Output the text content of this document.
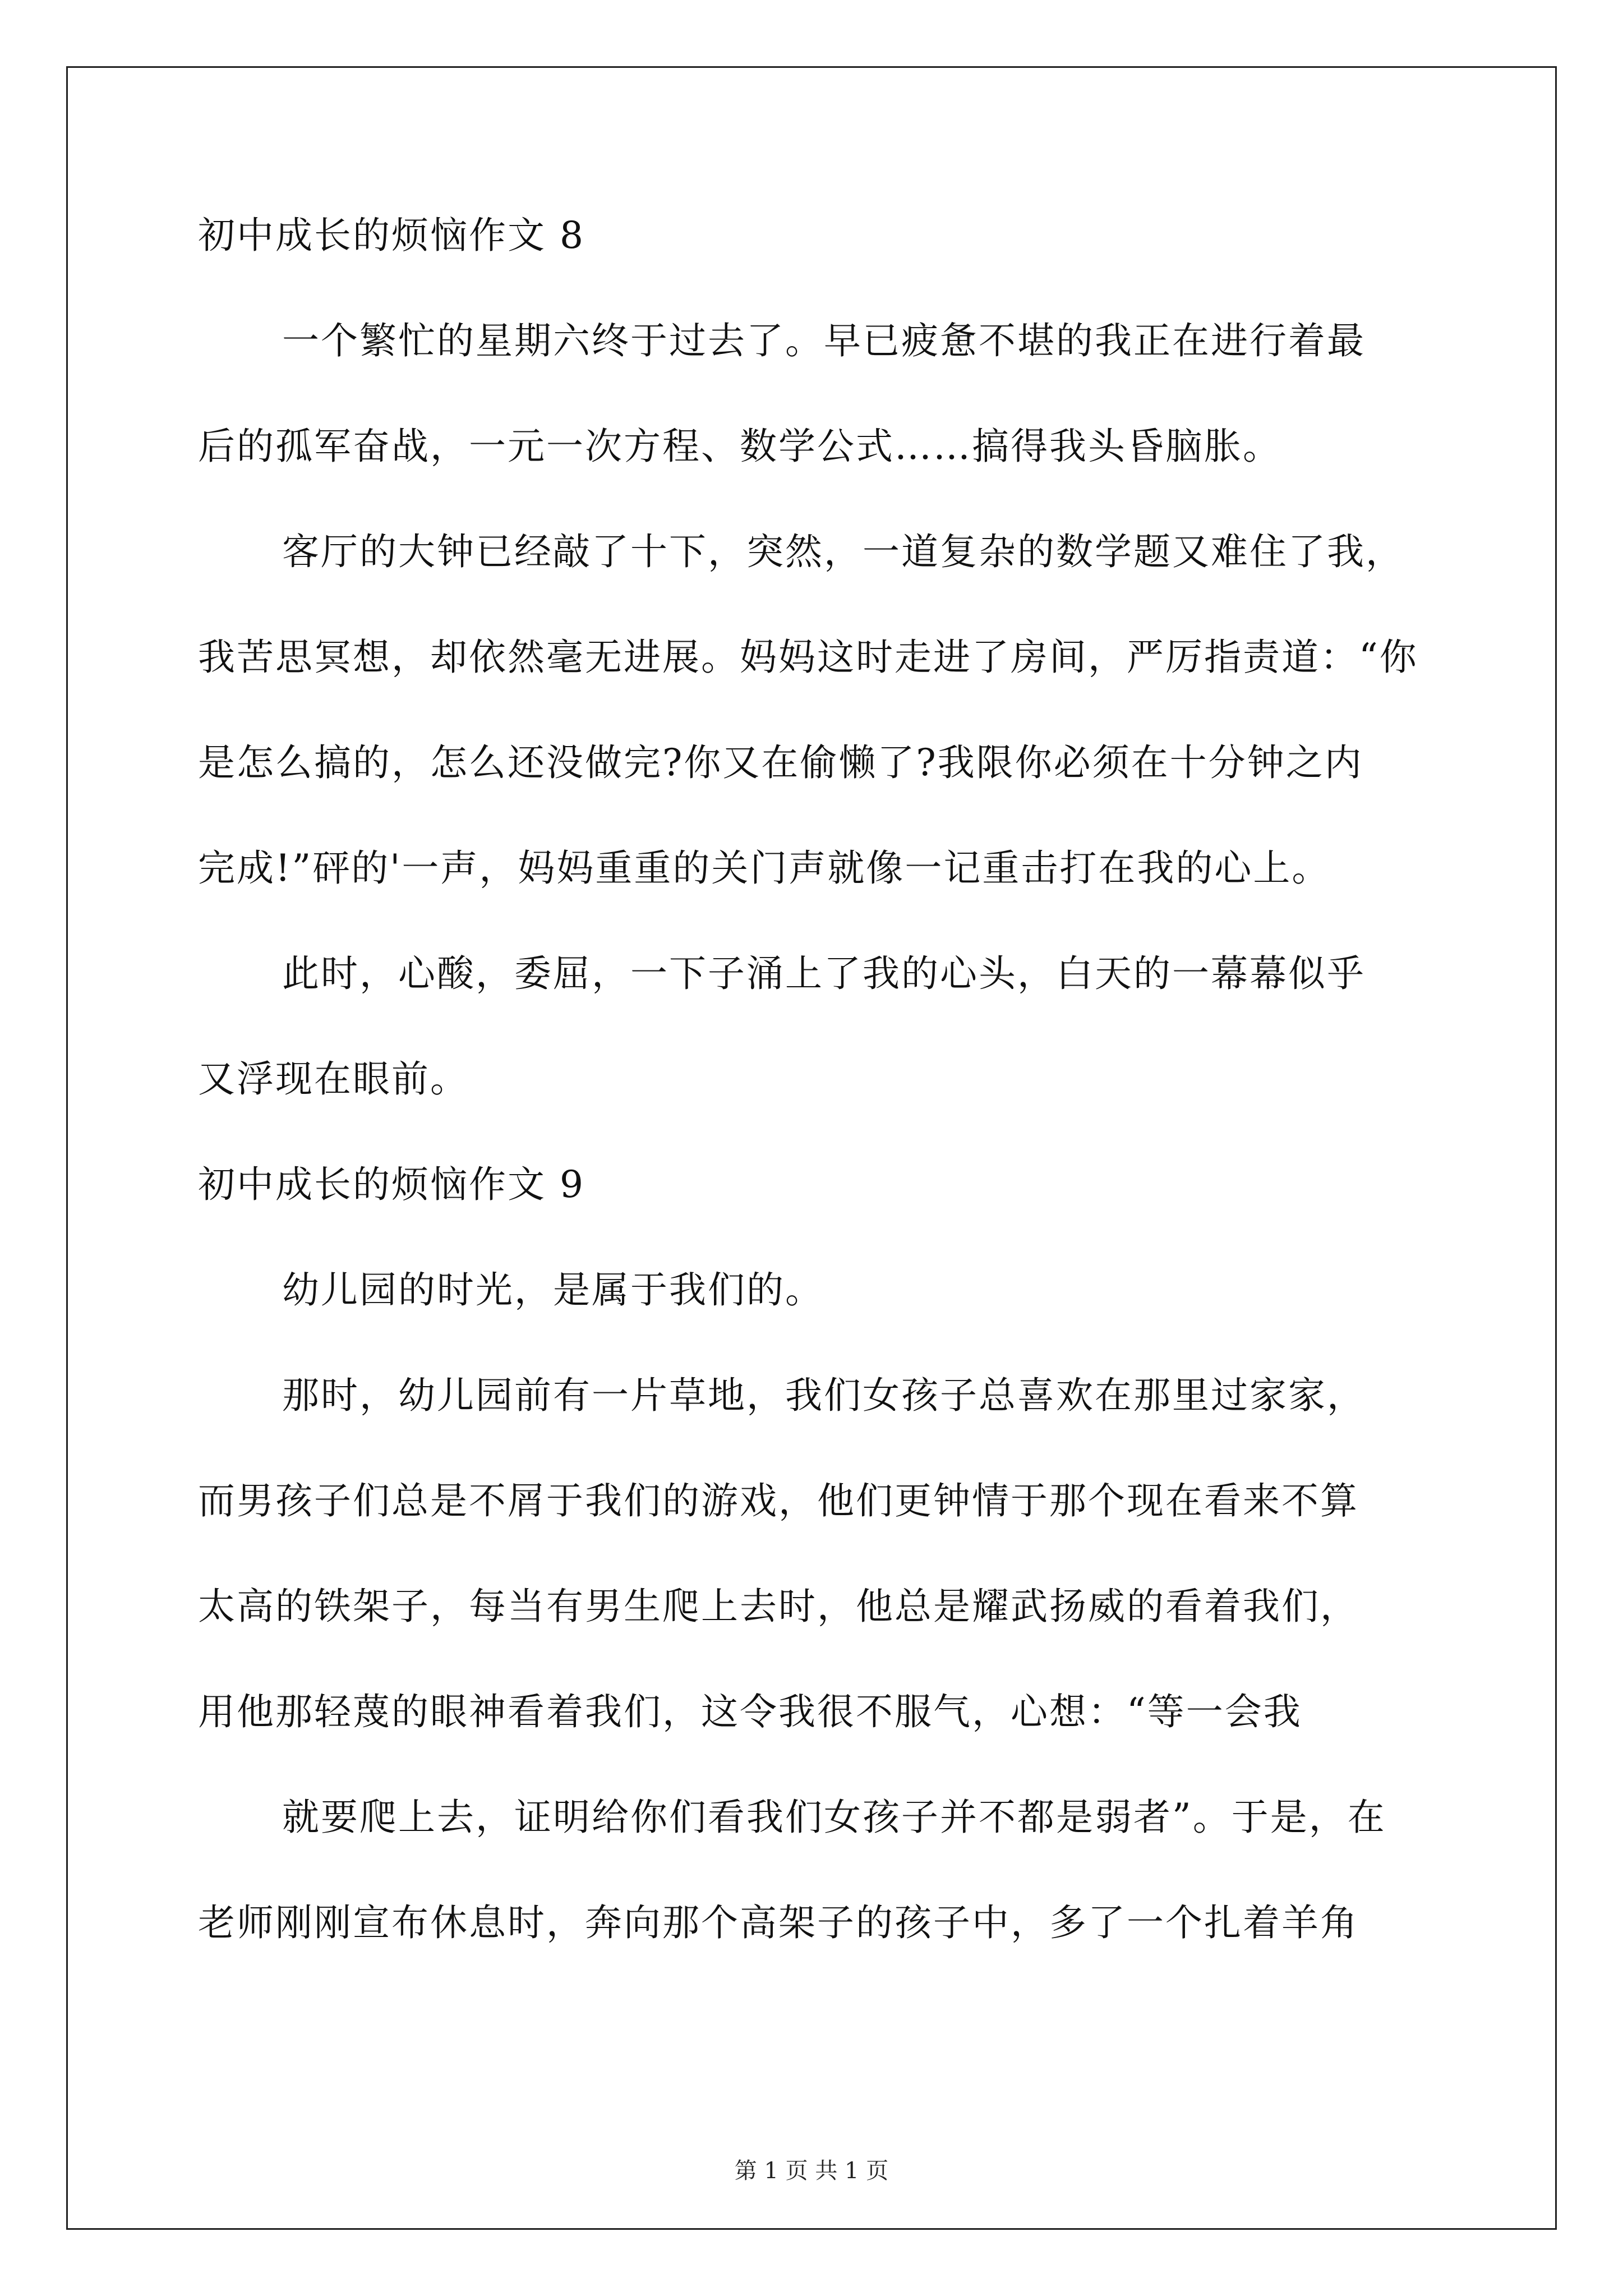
初中成长的烦恼作文 8
一个繁忙的星期六终于过去了。早已疲惫不堪的我正在进行着最
后的孤军奋战，一元一次方程、数学公式……搞得我头昏脑胀。
客厅的大钟已经敲了十下，突然，一道复杂的数学题又难住了我，
我苦思冥想，却依然毫无进展。妈妈这时走进了房间，严厉指责道：“你
是怎么搞的，怎么还没做完?你又在偷懒了?我限你必须在十分钟之内
完成!”砰的'一声，妈妈重重的关门声就像一记重击打在我的心上。
此时，心酸，委屈，一下子涌上了我的心头，白天的一幕幕似乎
又浮现在眼前。
初中成长的烦恼作文 9
幼儿园的时光，是属于我们的。
那时，幼儿园前有一片草地，我们女孩子总喜欢在那里过家家，
而男孩子们总是不屑于我们的游戏，他们更钟情于那个现在看来不算
太高的铁架子，每当有男生爬上去时，他总是耀武扬威的看着我们，
用他那轻蔑的眼神看着我们，这令我很不服气，心想：“等一会我
就要爬上去，证明给你们看我们女孩子并不都是弱者”。于是，在
老师刚刚宣布休息时，奔向那个高架子的孩子中，多了一个扎着羊角
第 1 页 共 1 页
